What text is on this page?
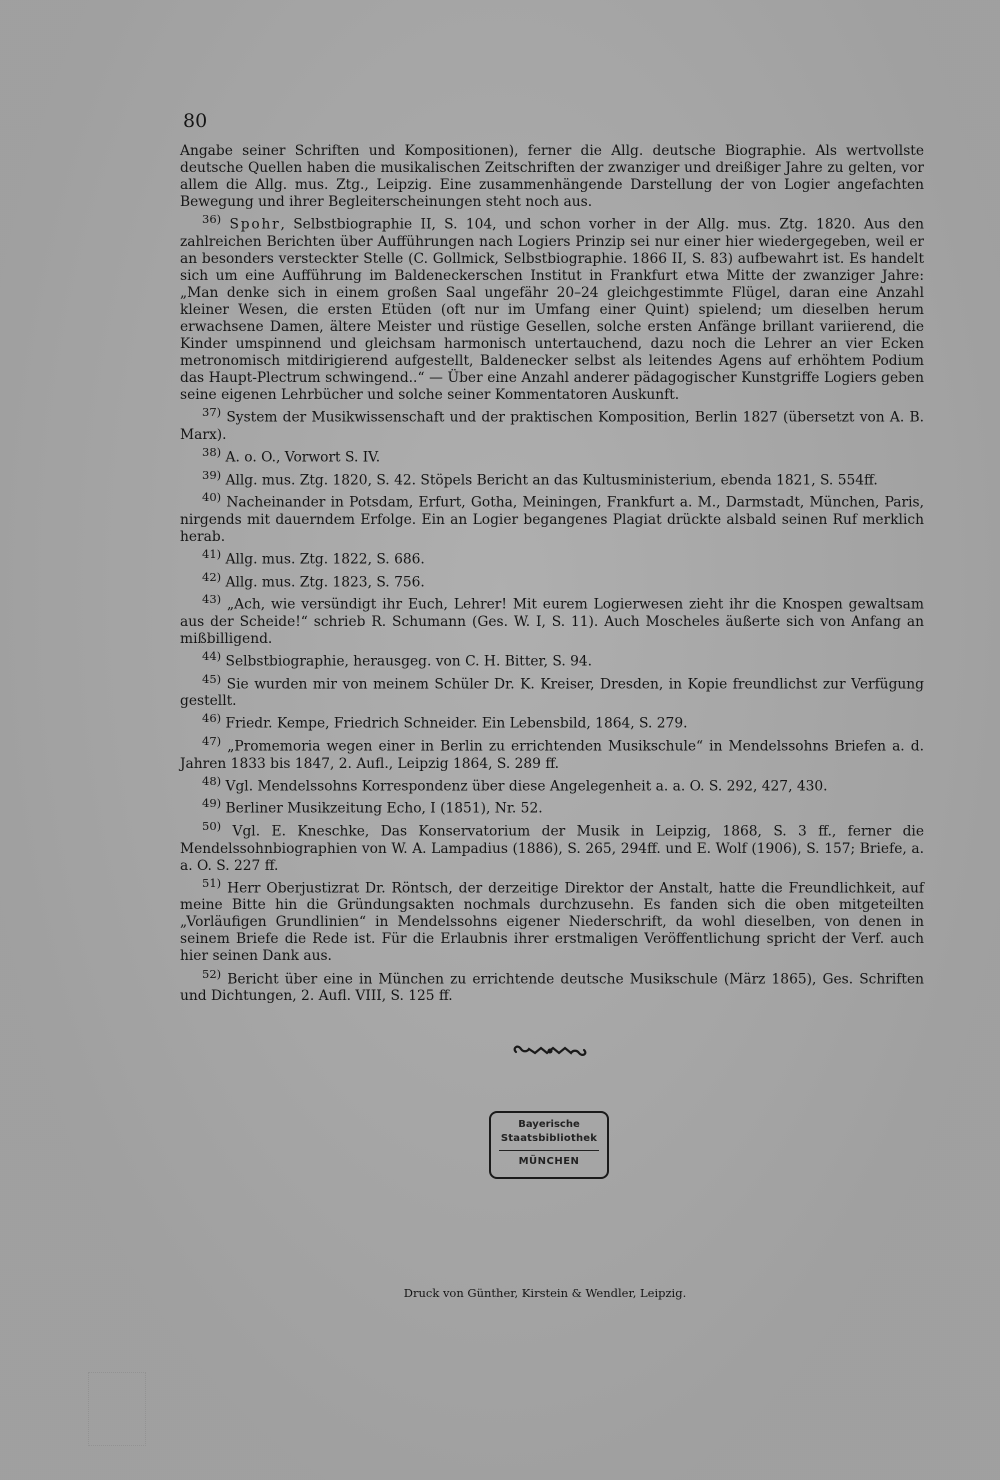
80

Angabe seiner Schriften und Kompositionen), ferner die Allg. deutsche Biographie. Als wertvollste deutsche Quellen haben die musikalischen Zeitschriften der zwanziger und dreißiger Jahre zu gelten, vor allem die Allg. mus. Ztg., Leipzig. Eine zusammenhängende Darstellung der von Logier angefachten Bewegung und ihrer Begleiterscheinungen steht noch aus.

$^{36)}$ Spohr, Selbstbiographie II, S. 104, und schon vorher in der Allg. mus. Ztg. 1820. Aus den zahlreichen Berichten über Aufführungen nach Logiers Prinzip sei nur einer hier wiedergegeben, weil er an besonders versteckter Stelle (C. Gollmick, Selbstbiographie. 1866 II, S. 83) aufbewahrt ist. Es handelt sich um eine Aufführung im Baldeneckerschen Institut in Frankfurt etwa Mitte der zwanziger Jahre: „Man denke sich in einem großen Saal ungefähr 20–24 gleichgestimmte Flügel, daran eine Anzahl kleiner Wesen, die ersten Etüden (oft nur im Umfang einer Quint) spielend; um dieselben herum erwachsene Damen, ältere Meister und rüstige Gesellen, solche ersten Anfänge brillant variierend, die Kinder umspinnend und gleichsam harmonisch untertauchend, dazu noch die Lehrer an vier Ecken metronomisch mitdirigierend aufgestellt, Baldenecker selbst als leitendes Agens auf erhöhtem Podium das Haupt-Plectrum schwingend..“ — Über eine Anzahl anderer pädagogischer Kunstgriffe Logiers geben seine eigenen Lehrbücher und solche seiner Kommentatoren Auskunft.

$^{37)}$ System der Musikwissenschaft und der praktischen Komposition, Berlin 1827 (übersetzt von A. B. Marx).

$^{38)}$ A. o. O., Vorwort S. IV.

$^{39)}$ Allg. mus. Ztg. 1820, S. 42. Stöpels Bericht an das Kultusministerium, ebenda 1821, S. 554ff.

$^{40)}$ Nacheinander in Potsdam, Erfurt, Gotha, Meiningen, Frankfurt a. M., Darmstadt, München, Paris, nirgends mit dauerndem Erfolge. Ein an Logier begangenes Plagiat drückte alsbald seinen Ruf merklich herab.

$^{41)}$ Allg. mus. Ztg. 1822, S. 686.

$^{42)}$ Allg. mus. Ztg. 1823, S. 756.

$^{43)}$ „Ach, wie versündigt ihr Euch, Lehrer! Mit eurem Logierwesen zieht ihr die Knospen gewaltsam aus der Scheide!“ schrieb R. Schumann (Ges. W. I, S. 11). Auch Moscheles äußerte sich von Anfang an mißbilligend.

$^{44)}$ Selbstbiographie, herausgeg. von C. H. Bitter, S. 94.

$^{45)}$ Sie wurden mir von meinem Schüler Dr. K. Kreiser, Dresden, in Kopie freundlichst zur Verfügung gestellt.

$^{46)}$ Friedr. Kempe, Friedrich Schneider. Ein Lebensbild, 1864, S. 279.

$^{47)}$ „Promemoria wegen einer in Berlin zu errichtenden Musikschule“ in Mendelssohns Briefen a. d. Jahren 1833 bis 1847, 2. Aufl., Leipzig 1864, S. 289 ff.

$^{48)}$ Vgl. Mendelssohns Korrespondenz über diese Angelegenheit a. a. O. S. 292, 427, 430.

$^{49)}$ Berliner Musikzeitung Echo, I (1851), Nr. 52.

$^{50)}$ Vgl. E. Kneschke, Das Konservatorium der Musik in Leipzig, 1868, S. 3 ff., ferner die Mendelssohnbiographien von W. A. Lampadius (1886), S. 265, 294ff. und E. Wolf (1906), S. 157; Briefe, a. a. O. S. 227 ff.

$^{51)}$ Herr Oberjustizrat Dr. Röntsch, der derzeitige Direktor der Anstalt, hatte die Freundlichkeit, auf meine Bitte hin die Gründungsakten nochmals durchzusehn. Es fanden sich die oben mitgeteilten „Vorläufigen Grundlinien“ in Mendelssohns eigener Niederschrift, da wohl dieselben, von denen in seinem Briefe die Rede ist. Für die Erlaubnis ihrer erstmaligen Veröffentlichung spricht der Verf. auch hier seinen Dank aus.

$^{52)}$ Bericht über eine in München zu errichtende deutsche Musikschule (März 1865), Ges. Schriften und Dichtungen, 2. Aufl. VIII, S. 125 ff.

Bayerische
Staatsbibliothek
MÜNCHEN
Druck von Günther, Kirstein & Wendler, Leipzig.
